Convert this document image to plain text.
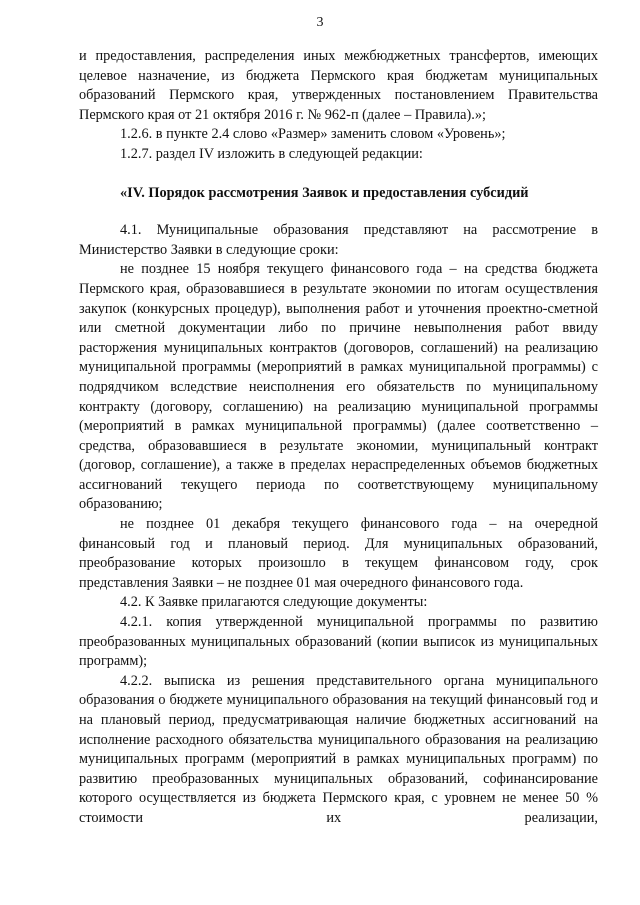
3

и предоставления, распределения иных межбюджетных трансфертов, имеющих целевое назначение, из бюджета Пермского края бюджетам муниципальных образований Пермского края, утвержденных постановлением Правительства Пермского края от 21 октября 2016 г. № 962-п (далее – Правила).»;

1.2.6. в пункте 2.4 слово «Размер» заменить словом «Уровень»;

1.2.7. раздел IV изложить в следующей редакции:

«IV. Порядок рассмотрения Заявок и предоставления субсидий

4.1. Муниципальные образования представляют на рассмотрение в Министерство Заявки в следующие сроки:

не позднее 15 ноября текущего финансового года – на средства бюджета Пермского края, образовавшиеся в результате экономии по итогам осуществления закупок (конкурсных процедур), выполнения работ и уточнения проектно-сметной или сметной документации либо по причине невыполнения работ ввиду расторжения муниципальных контрактов (договоров, соглашений) на реализацию муниципальной программы (мероприятий в рамках муниципальной программы) с подрядчиком вследствие неисполнения его обязательств по муниципальному контракту (договору, соглашению) на реализацию муниципальной программы (мероприятий в рамках муниципальной программы) (далее соответственно – средства, образовавшиеся в результате экономии, муниципальный контракт (договор, соглашение), а также в пределах нераспределенных объемов бюджетных ассигнований текущего периода по соответствующему муниципальному образованию;

не позднее 01 декабря текущего финансового года – на очередной финансовый год и плановый период. Для муниципальных образований, преобразование которых произошло в текущем финансовом году, срок представления Заявки – не позднее 01 мая очередного финансового года.

4.2. К Заявке прилагаются следующие документы:

4.2.1. копия утвержденной муниципальной программы по развитию преобразованных муниципальных образований (копии выписок из муниципальных программ);

4.2.2. выписка из решения представительного органа муниципального образования о бюджете муниципального образования на текущий финансовый год и на плановый период, предусматривающая наличие бюджетных ассигнований на исполнение расходного обязательства муниципального образования на реализацию муниципальных программ (мероприятий в рамках муниципальных программ) по развитию преобразованных муниципальных образований, софинансирование которого осуществляется из бюджета Пермского края, с уровнем не менее 50 % стоимости их реализации,
